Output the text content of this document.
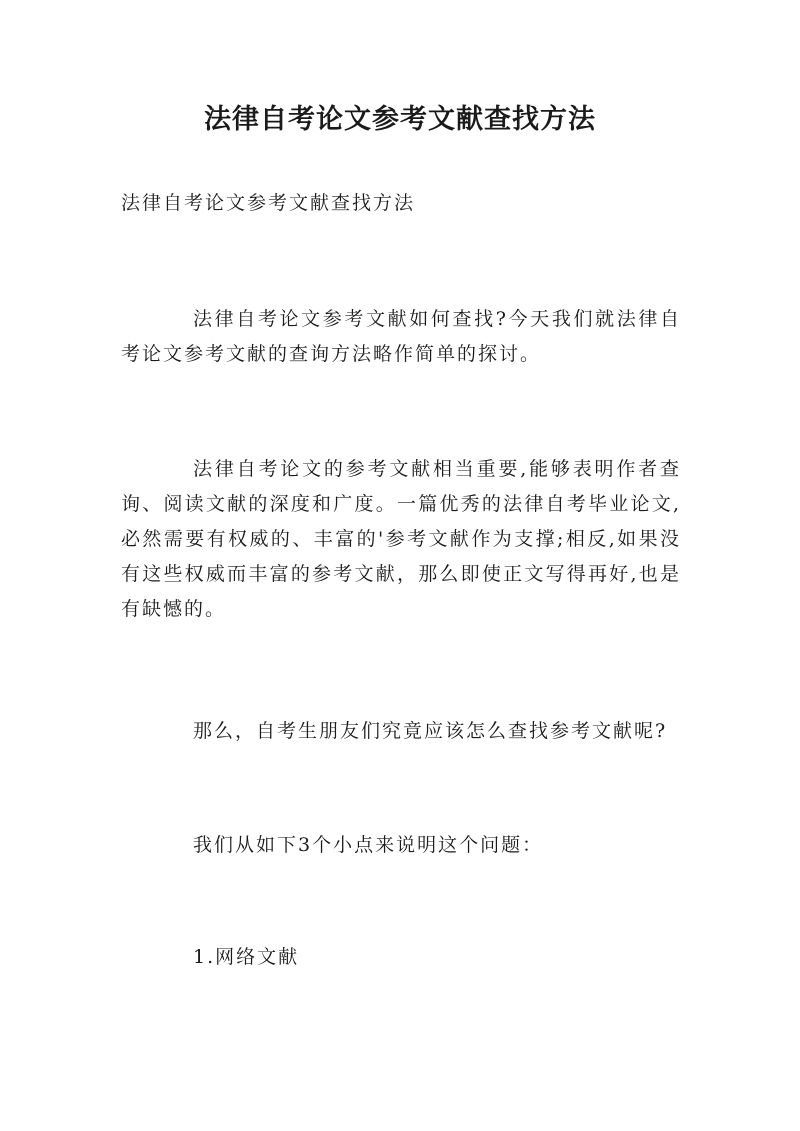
法律自考论文参考文献查找方法
法律自考论文参考文献查找方法

法律自考论文参考文献如何查找?今天我们就法律自考论文参考文献的查询方法略作简单的探讨。

法律自考论文的参考文献相当重要,能够表明作者查询、阅读文献的深度和广度。一篇优秀的法律自考毕业论文,必然需要有权威的、丰富的'参考文献作为支撑;相反,如果没有这些权威而丰富的参考文献，那么即使正文写得再好,也是有缺憾的。

那么，自考生朋友们究竟应该怎么查找参考文献呢?

我们从如下3个小点来说明这个问题：

1.网络文献
